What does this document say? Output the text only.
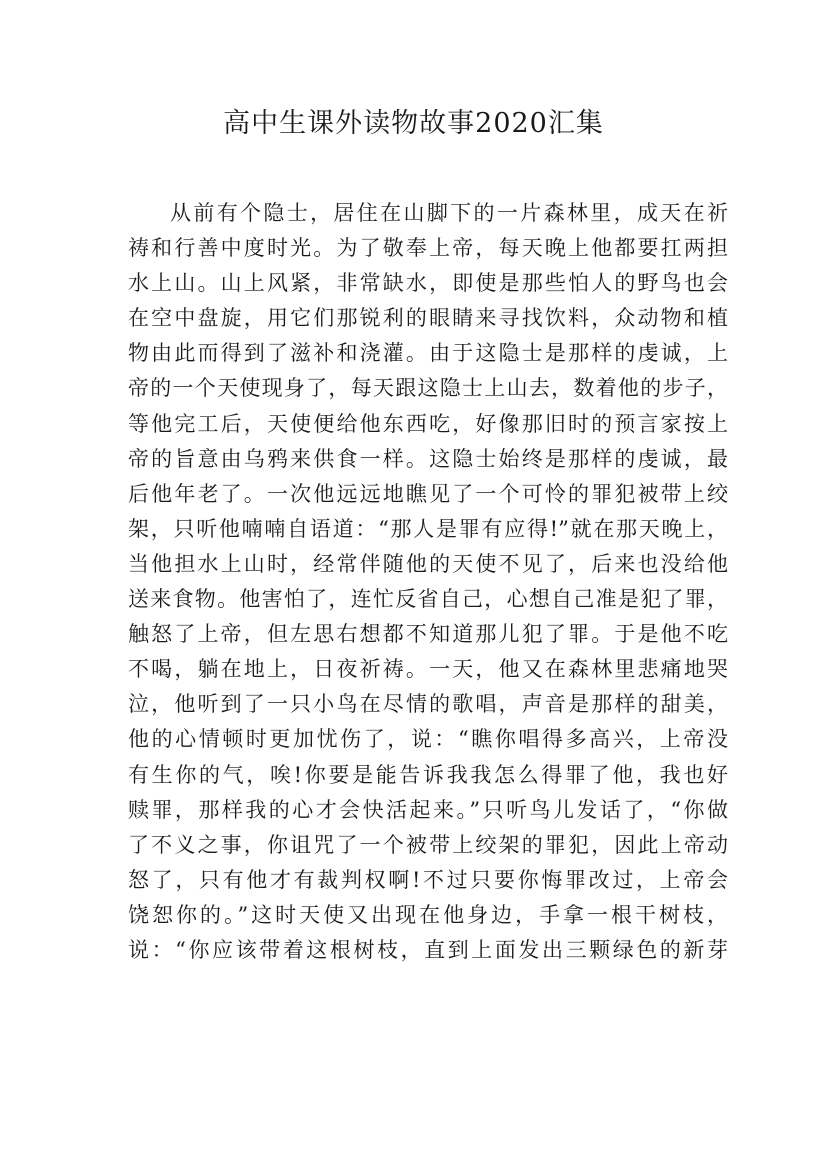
高中生课外读物故事2020汇集
从前有个隐士，居住在山脚下的一片森林里，成天在祈
祷和行善中度时光。为了敬奉上帝，每天晚上他都要扛两担
水上山。山上风紧，非常缺水，即使是那些怕人的野鸟也会
在空中盘旋，用它们那锐利的眼睛来寻找饮料，众动物和植
物由此而得到了滋补和浇灌。由于这隐士是那样的虔诚，上
帝的一个天使现身了，每天跟这隐士上山去，数着他的步子，
等他完工后，天使便给他东西吃，好像那旧时的预言家按上
帝的旨意由乌鸦来供食一样。这隐士始终是那样的虔诚，最
后他年老了。一次他远远地瞧见了一个可怜的罪犯被带上绞
架，只听他喃喃自语道：“那人是罪有应得!”就在那天晚上，
当他担水上山时，经常伴随他的天使不见了，后来也没给他
送来食物。他害怕了，连忙反省自己，心想自己准是犯了罪，
触怒了上帝，但左思右想都不知道那儿犯了罪。于是他不吃
不喝，躺在地上，日夜祈祷。一天，他又在森林里悲痛地哭
泣，他听到了一只小鸟在尽情的歌唱，声音是那样的甜美，
他的心情顿时更加忧伤了，说：“瞧你唱得多高兴，上帝没
有生你的气，唉!你要是能告诉我我怎么得罪了他，我也好
赎罪，那样我的心才会快活起来。”只听鸟儿发话了，“你做
了不义之事，你诅咒了一个被带上绞架的罪犯，因此上帝动
怒了，只有他才有裁判权啊!不过只要你悔罪改过，上帝会
饶恕你的。”这时天使又出现在他身边，手拿一根干树枝，
说：“你应该带着这根树枝，直到上面发出三颗绿色的新芽
